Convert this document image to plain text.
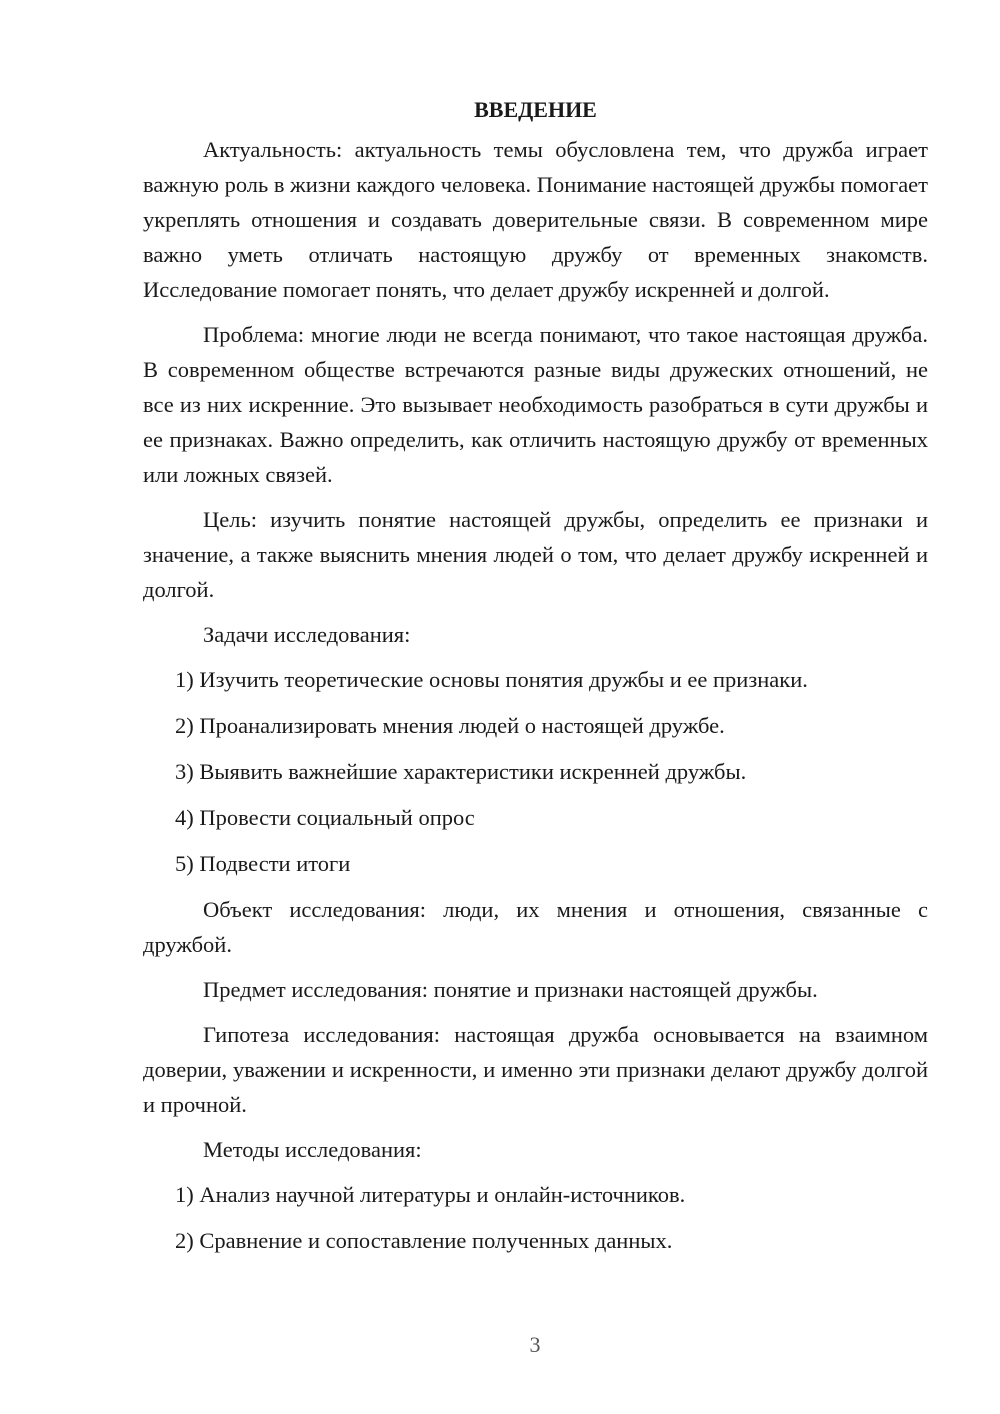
ВВЕДЕНИЕ

Актуальность: актуальность темы обусловлена тем, что дружба играет важную роль в жизни каждого человека. Понимание настоящей дружбы помогает укреплять отношения и создавать доверительные связи. В современном мире важно уметь отличать настоящую дружбу от временных знакомств. Исследование помогает понять, что делает дружбу искренней и долгой.

Проблема: многие люди не всегда понимают, что такое настоящая дружба. В современном обществе встречаются разные виды дружеских отношений, не все из них искренние. Это вызывает необходимость разобраться в сути дружбы и ее признаках. Важно определить, как отличить настоящую дружбу от временных или ложных связей.

Цель: изучить понятие настоящей дружбы, определить ее признаки и значение, а также выяснить мнения людей о том, что делает дружбу искренней и долгой.

Задачи исследования:

1) Изучить теоретические основы понятия дружбы и ее признаки.
2) Проанализировать мнения людей о настоящей дружбе.
3) Выявить важнейшие характеристики искренней дружбы.
4) Провести социальный опрос
5) Подвести итоги

Объект исследования: люди, их мнения и отношения, связанные с дружбой.

Предмет исследования: понятие и признаки настоящей дружбы.

Гипотеза исследования: настоящая дружба основывается на взаимном доверии, уважении и искренности, и именно эти признаки делают дружбу долгой и прочной.

Методы исследования:

1) Анализ научной литературы и онлайн-источников.
2) Сравнение и сопоставление полученных данных.
3
